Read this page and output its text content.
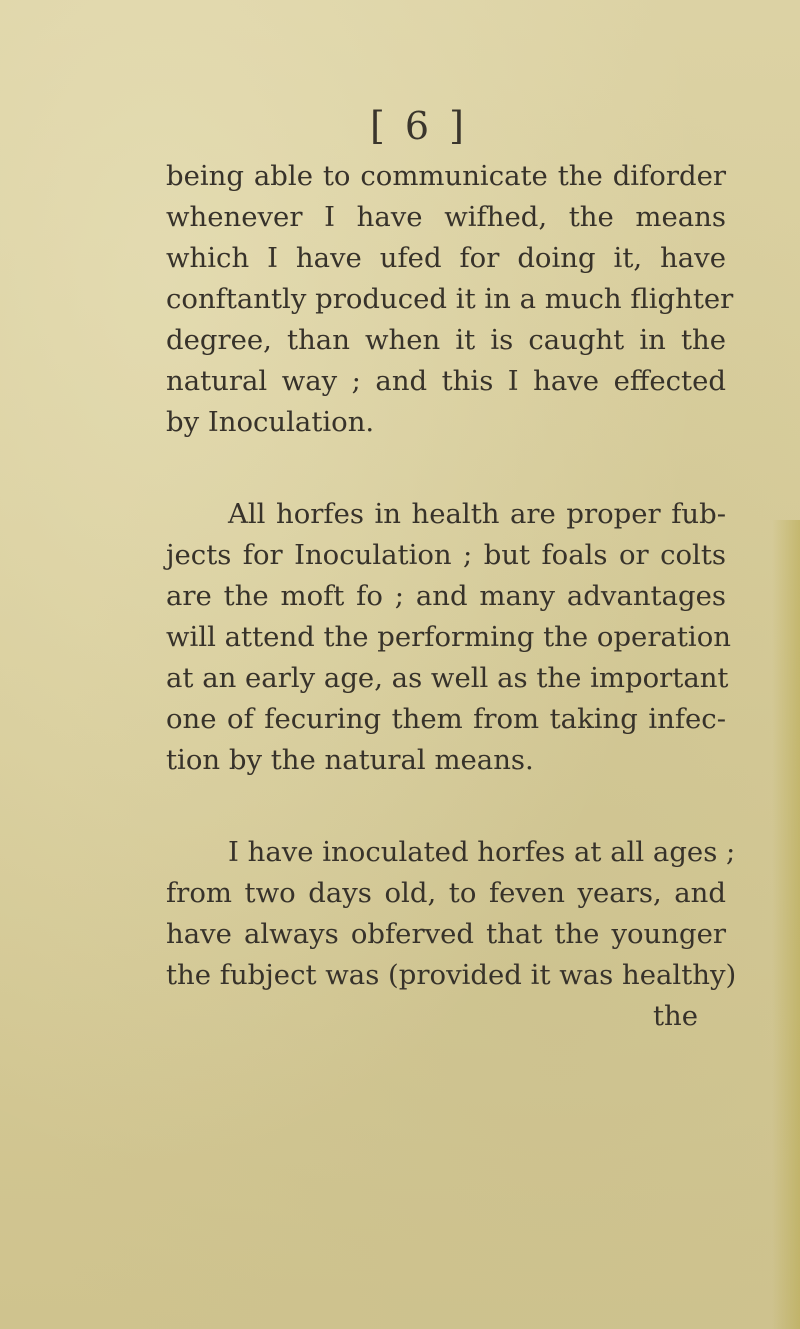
[ 6 ]
being able to communicate the diforder
whenever I have wifhed, the means
which I have ufed for doing it, have
conftantly produced it in a much flighter
degree, than when it is caught in the
natural way ; and this I have effected
by Inoculation.
All horfes in health are proper fub-
jects for Inoculation ; but foals or colts
are the moft fo ; and many advantages
will attend the performing the operation
at an early age, as well as the important
one of fecuring them from taking infec-
tion by the natural means.
I have inoculated horfes at all ages ;
from two days old, to feven years, and
have always obferved that the younger
the fubject was (provided it was healthy)
the
